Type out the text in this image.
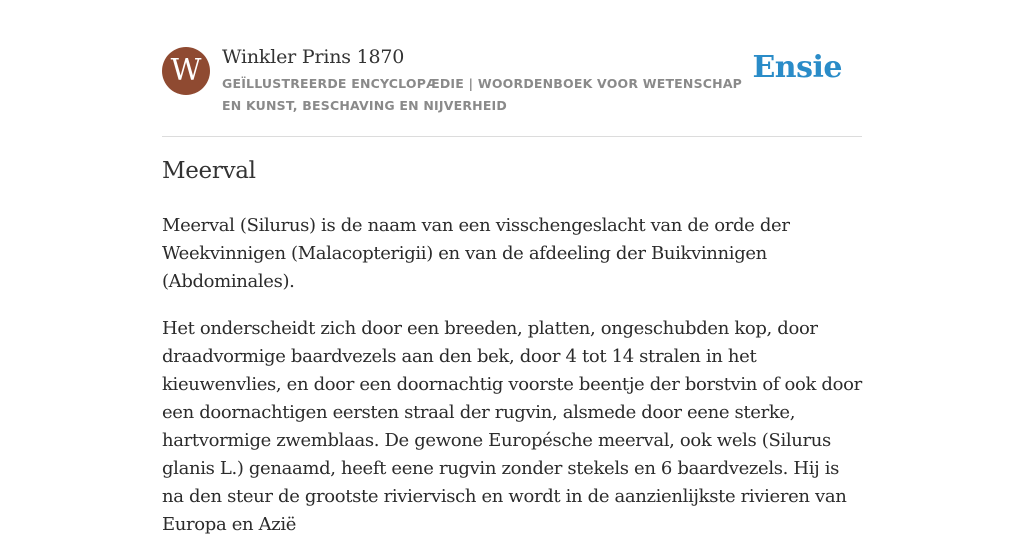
W	Winkler Prins 1870
GEÏLLUSTREERDE ENCYCLOPÆDIE | WOORDENBOEK VOOR WETENSCHAP EN KUNST, BESCHAVING EN NIJVERHEID
Ensie
Meerval

Meerval (Silurus) is de naam van een visschengeslacht van de orde der Weekvinnigen (Malacopterigii) en van de afdeeling der Buikvinnigen (Abdominales).

Het onderscheidt zich door een breeden, platten, ongeschubden kop, door draadvormige baardvezels aan den bek, door 4 tot 14 stralen in het kieuwenvlies, en door een doornachtig voorste beentje der borstvin of ook door een doornachtigen eersten straal der rugvin, alsmede door eene sterke, hartvormige zwemblaas. De gewone Europésche meerval, ook wels (Silurus glanis L.) genaamd, heeft eene rugvin zonder stekels en 6 baardvezels. Hij is na den steur de grootste riviervisch en wordt in de aanzienlijkste rivieren van Europa en Azië
